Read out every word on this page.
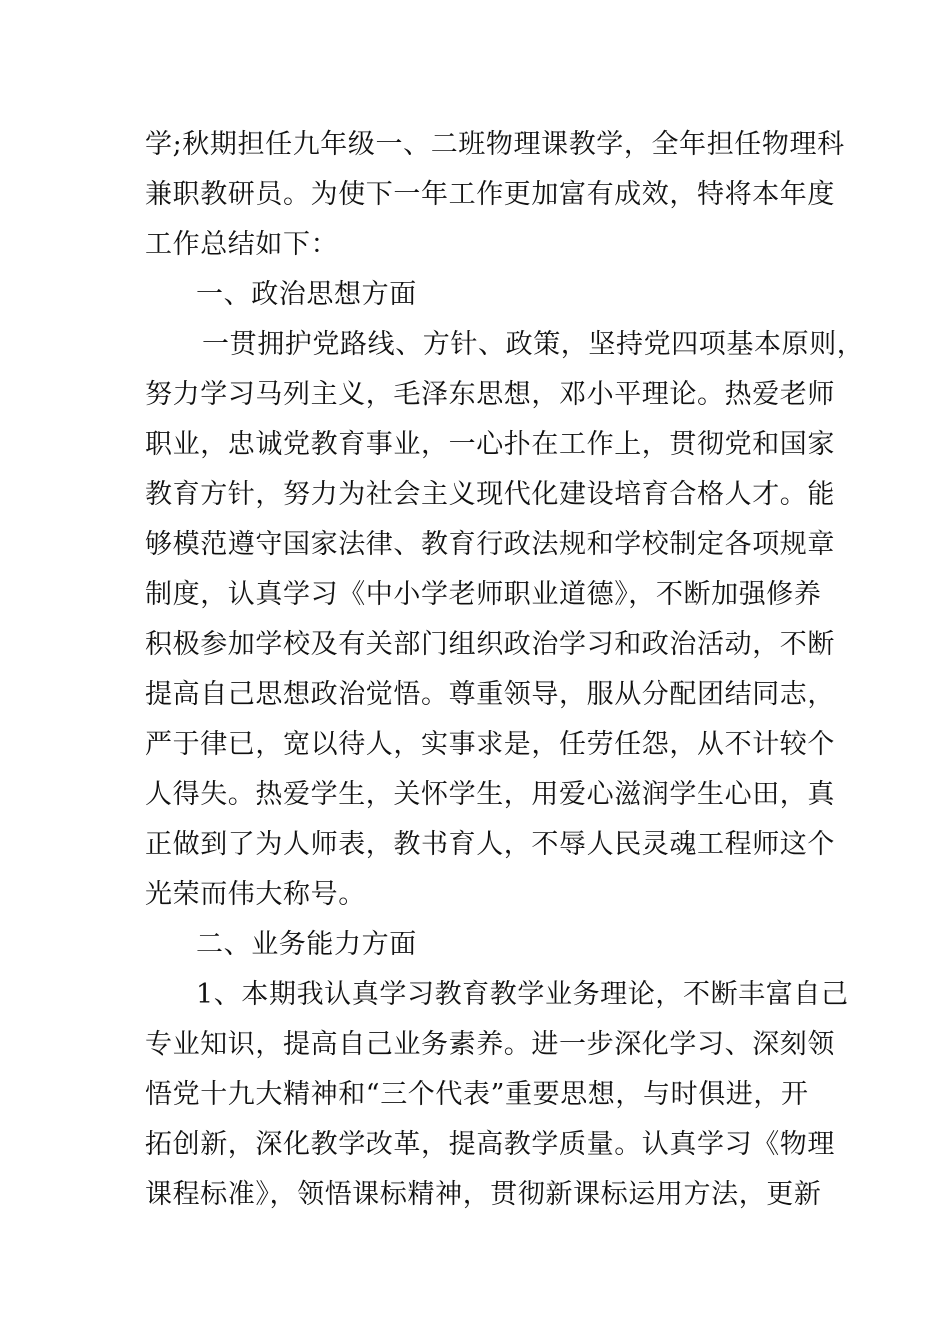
学;秋期担任九年级一、二班物理课教学，全年担任物理科
兼职教研员。为使下一年工作更加富有成效，特将本年度
工作总结如下：
一、政治思想方面
一贯拥护党路线、方针、政策，坚持党四项基本原则，
努力学习马列主义，毛泽东思想，邓小平理论。热爱老师
职业，忠诚党教育事业，一心扑在工作上，贯彻党和国家
教育方针，努力为社会主义现代化建设培育合格人才。能
够模范遵守国家法律、教育行政法规和学校制定各项规章
制度，认真学习《中小学老师职业道德》，不断加强修养
积极参加学校及有关部门组织政治学习和政治活动，不断
提高自己思想政治觉悟。尊重领导，服从分配团结同志，
严于律已，宽以待人，实事求是，任劳任怨，从不计较个
人得失。热爱学生，关怀学生，用爱心滋润学生心田，真
正做到了为人师表，教书育人，不辱人民灵魂工程师这个
光荣而伟大称号。
二、业务能力方面
1、本期我认真学习教育教学业务理论，不断丰富自己
专业知识，提高自己业务素养。进一步深化学习、深刻领
悟党十九大精神和“三个代表”重要思想，与时俱进，开
拓创新，深化教学改革，提高教学质量。认真学习《物理
课程标准》，领悟课标精神，贯彻新课标运用方法，更新
